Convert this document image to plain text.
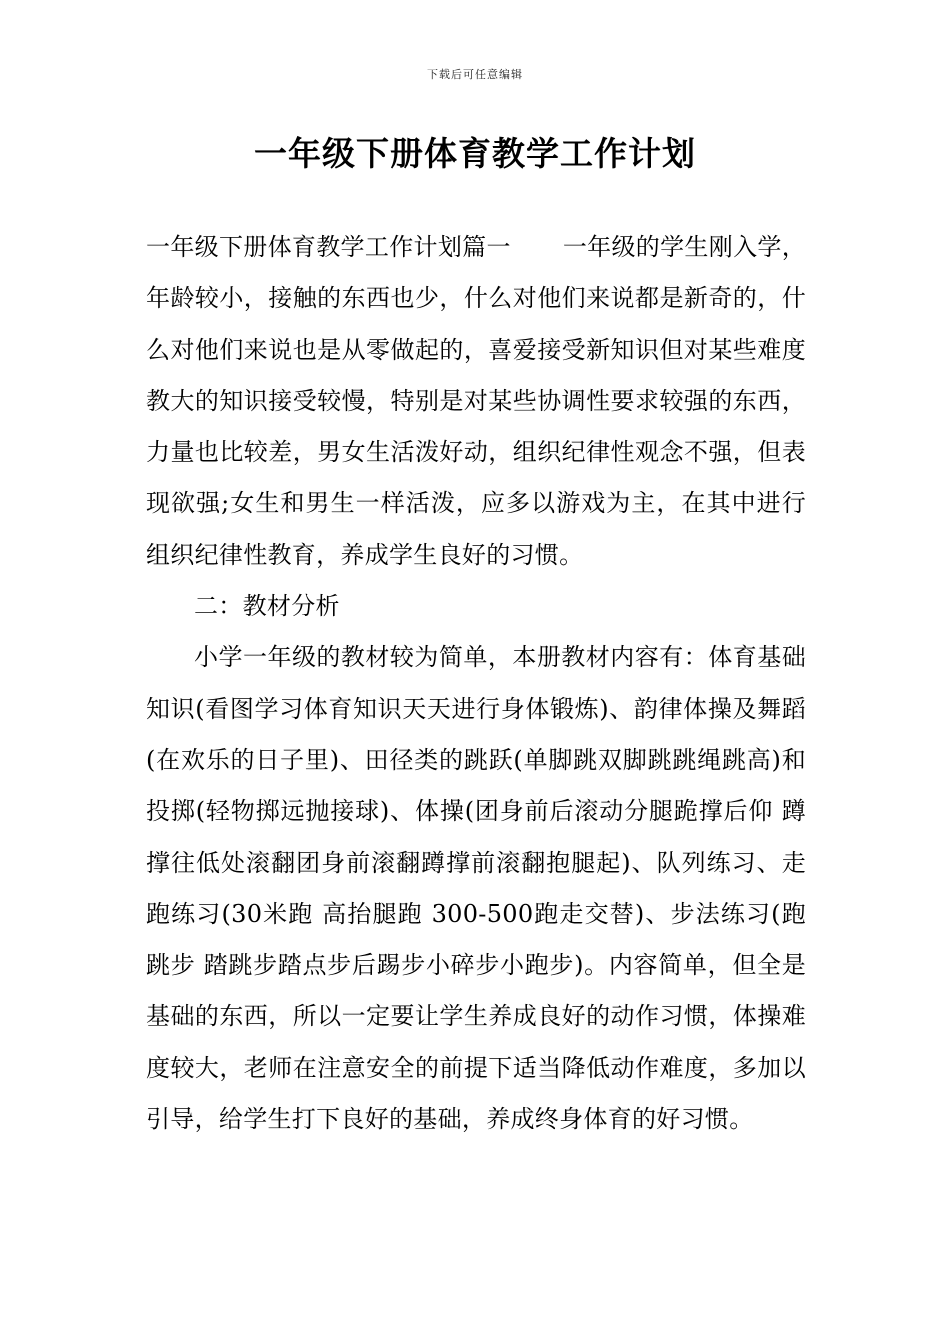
下载后可任意编辑
一年级下册体育教学工作计划

一年级下册体育教学工作计划篇一 一年级的学生刚入学，年龄较小，接触的东西也少，什么对他们来说都是新奇的，什么对他们来说也是从零做起的，喜爱接受新知识但对某些难度教大的知识接受较慢，特别是对某些协调性要求较强的东西，力量也比较差，男女生活泼好动，组织纪律性观念不强，但表现欲强;女生和男生一样活泼，应多以游戏为主，在其中进行组织纪律性教育，养成学生良好的习惯。

二：教材分析

小学一年级的教材较为简单，本册教材内容有：体育基础知识(看图学习体育知识天天进行身体锻炼)、韵律体操及舞蹈(在欢乐的日子里)、田径类的跳跃(单脚跳双脚跳跳绳跳高)和投掷(轻物掷远抛接球)、体操(团身前后滚动分腿跪撑后仰 蹲撑往低处滚翻团身前滚翻蹲撑前滚翻抱腿起)、队列练习、走跑练习(30米跑 高抬腿跑 300-500跑走交替)、步法练习(跑跳步 踏跳步踏点步后踢步小碎步小跑步)。内容简单，但全是基础的东西，所以一定要让学生养成良好的动作习惯，体操难度较大，老师在注意安全的前提下适当降低动作难度，多加以引导，给学生打下良好的基础，养成终身体育的好习惯。
